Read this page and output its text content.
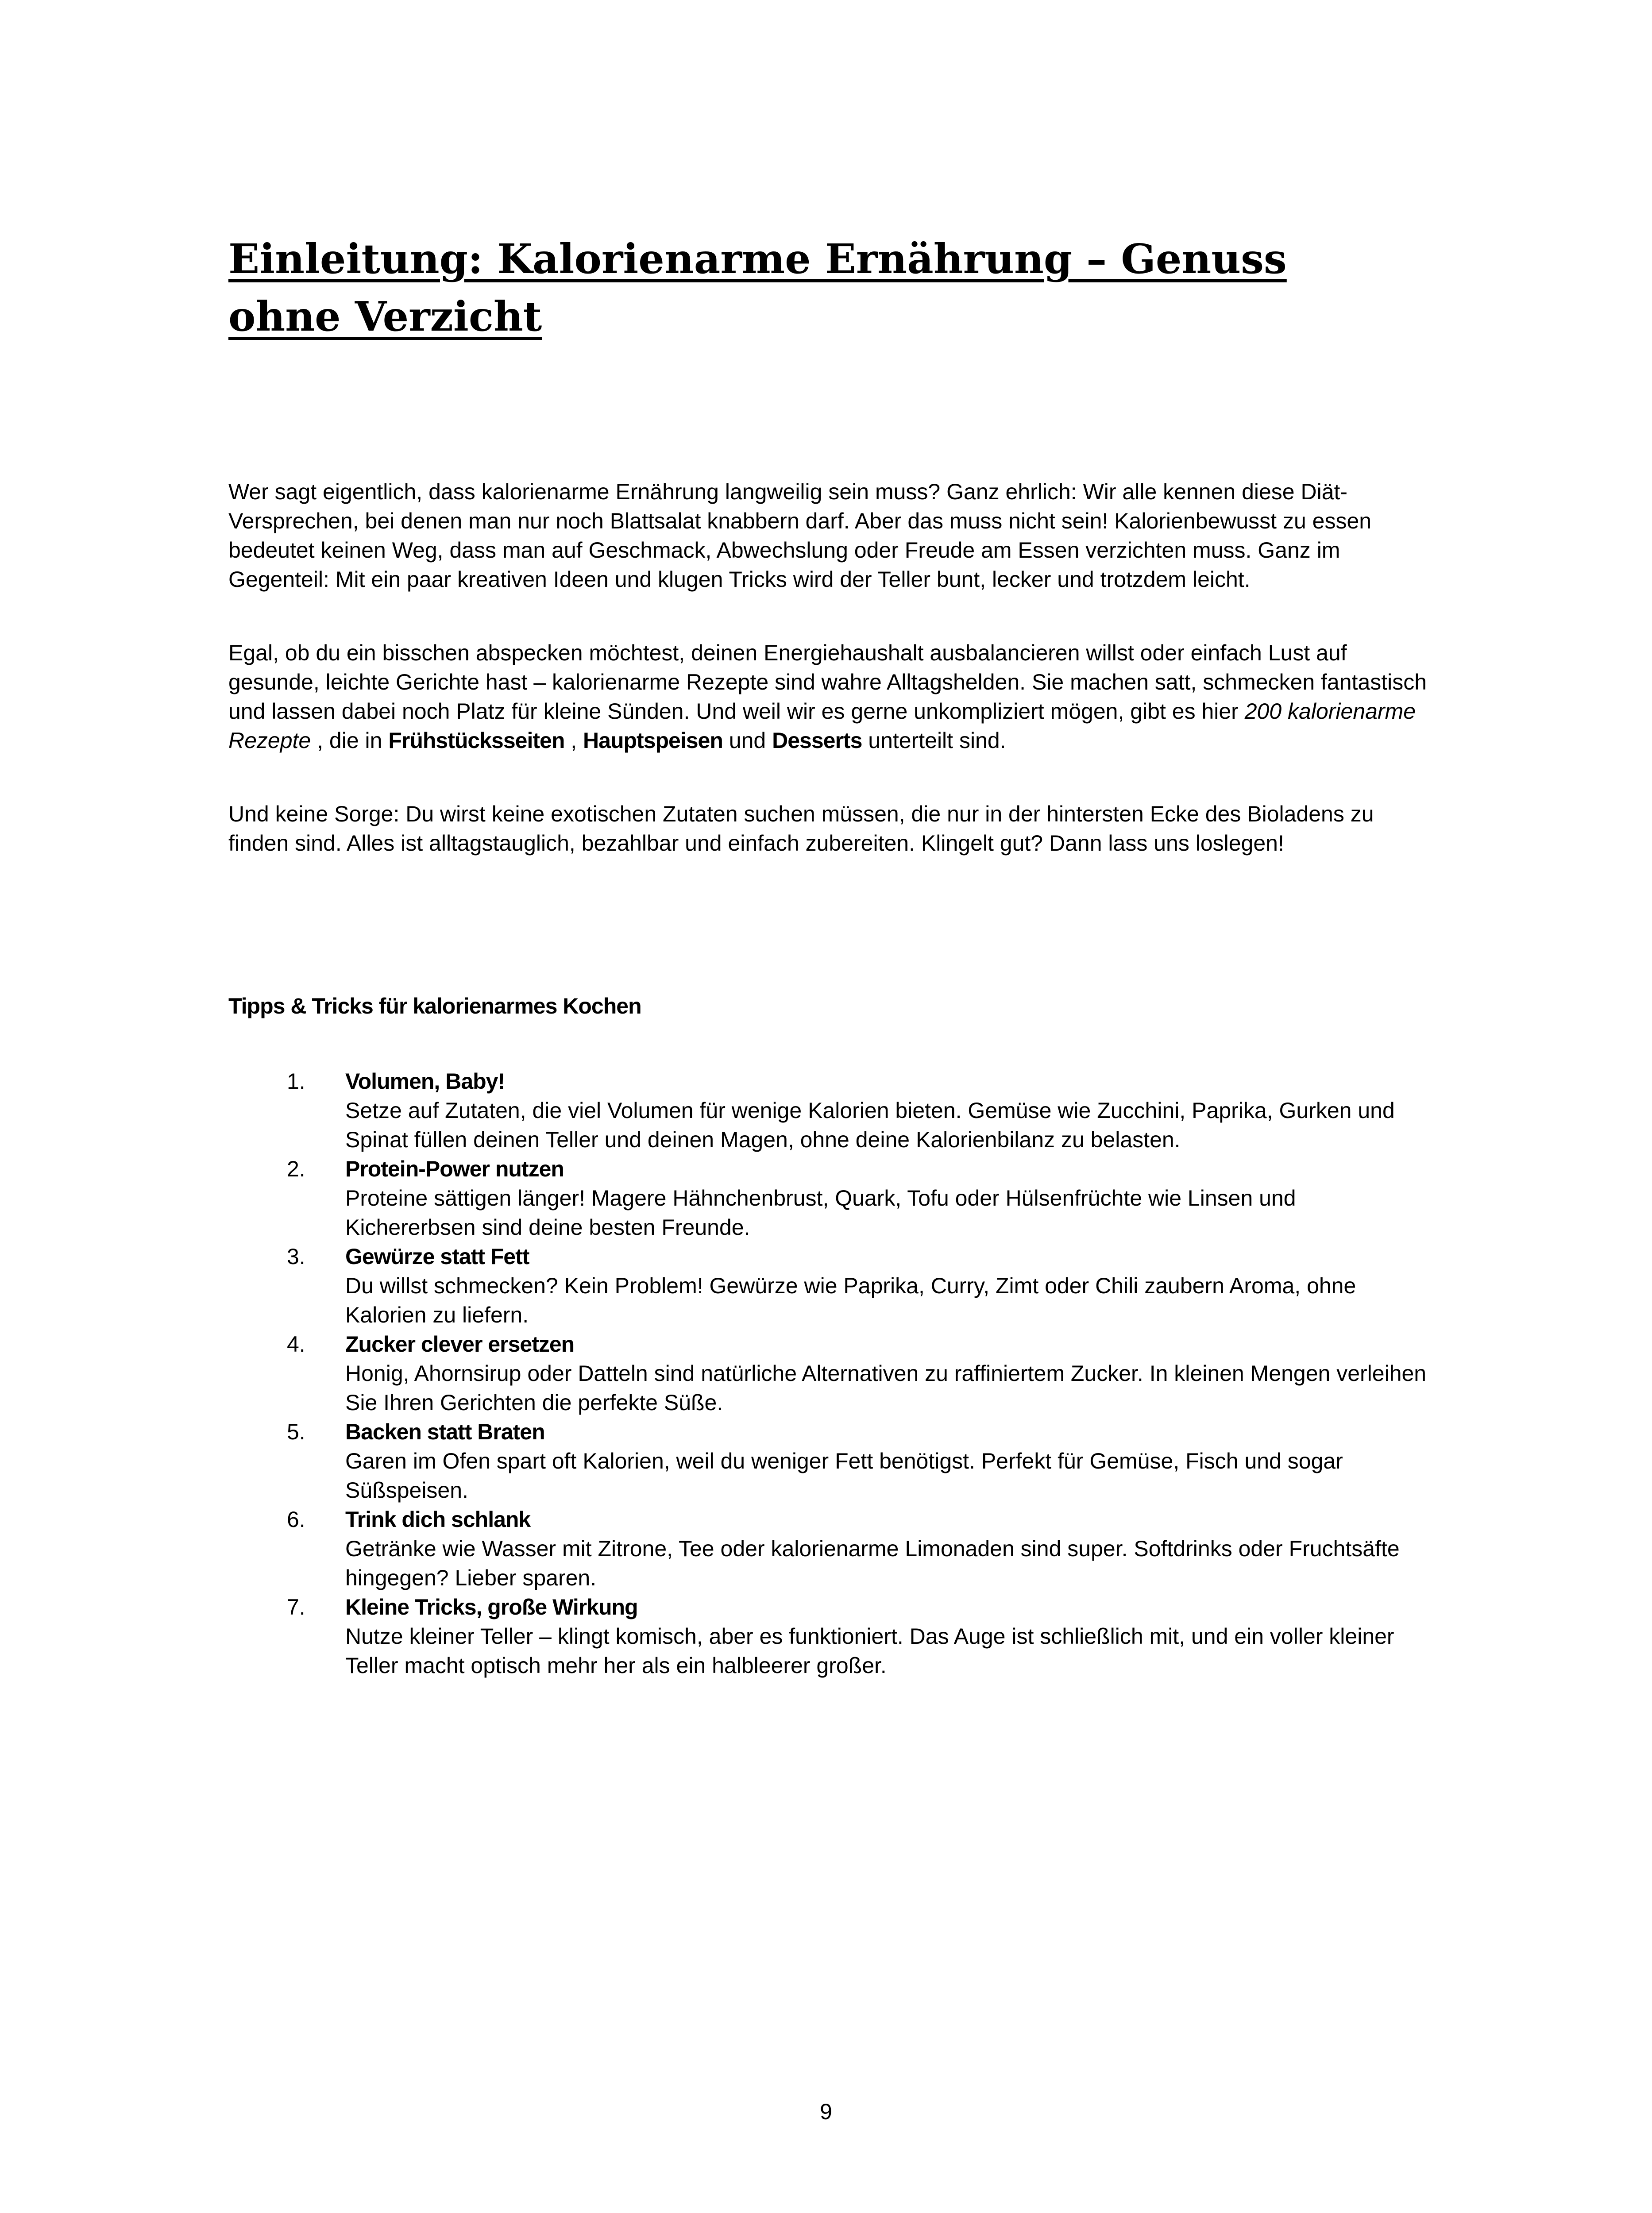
Einleitung: Kalorienarme Ernährung – Genuss ohne Verzicht

Wer sagt eigentlich, dass kalorienarme Ernährung langweilig sein muss? Ganz ehrlich: Wir alle kennen diese Diät-Versprechen, bei denen man nur noch Blattsalat knabbern darf. Aber das muss nicht sein! Kalorienbewusst zu essen bedeutet keinen Weg, dass man auf Geschmack, Abwechslung oder Freude am Essen verzichten muss. Ganz im Gegenteil: Mit ein paar kreativen Ideen und klugen Tricks wird der Teller bunt, lecker und trotzdem leicht.

Egal, ob du ein bisschen abspecken möchtest, deinen Energiehaushalt ausbalancieren willst oder einfach Lust auf gesunde, leichte Gerichte hast – kalorienarme Rezepte sind wahre Alltagshelden. Sie machen satt, schmecken fantastisch und lassen dabei noch Platz für kleine Sünden. Und weil wir es gerne unkompliziert mögen, gibt es hier 200 kalorienarme Rezepte , die in Frühstücksseiten , Hauptspeisen und Desserts unterteilt sind.

Und keine Sorge: Du wirst keine exotischen Zutaten suchen müssen, die nur in der hintersten Ecke des Bioladens zu finden sind. Alles ist alltagstauglich, bezahlbar und einfach zubereiten. Klingelt gut? Dann lass uns loslegen!

Tipps & Tricks für kalorienarmes Kochen
1. Volumen, Baby!
Setze auf Zutaten, die viel Volumen für wenige Kalorien bieten. Gemüse wie Zucchini, Paprika, Gurken und Spinat füllen deinen Teller und deinen Magen, ohne deine Kalorienbilanz zu belasten.
2. Protein-Power nutzen
Proteine sättigen länger! Magere Hähnchenbrust, Quark, Tofu oder Hülsenfrüchte wie Linsen und Kichererbsen sind deine besten Freunde.
3. Gewürze statt Fett
Du willst schmecken? Kein Problem! Gewürze wie Paprika, Curry, Zimt oder Chili zaubern Aroma, ohne Kalorien zu liefern.
4. Zucker clever ersetzen
Honig, Ahornsirup oder Datteln sind natürliche Alternativen zu raffiniertem Zucker. In kleinen Mengen verleihen Sie Ihren Gerichten die perfekte Süße.
5. Backen statt Braten
Garen im Ofen spart oft Kalorien, weil du weniger Fett benötigst. Perfekt für Gemüse, Fisch und sogar Süßspeisen.
6. Trink dich schlank
Getränke wie Wasser mit Zitrone, Tee oder kalorienarme Limonaden sind super. Softdrinks oder Fruchtsäfte hingegen? Lieber sparen.
7. Kleine Tricks, große Wirkung
Nutze kleiner Teller – klingt komisch, aber es funktioniert. Das Auge ist schließlich mit, und ein voller kleiner Teller macht optisch mehr her als ein halbleerer großer.
9
